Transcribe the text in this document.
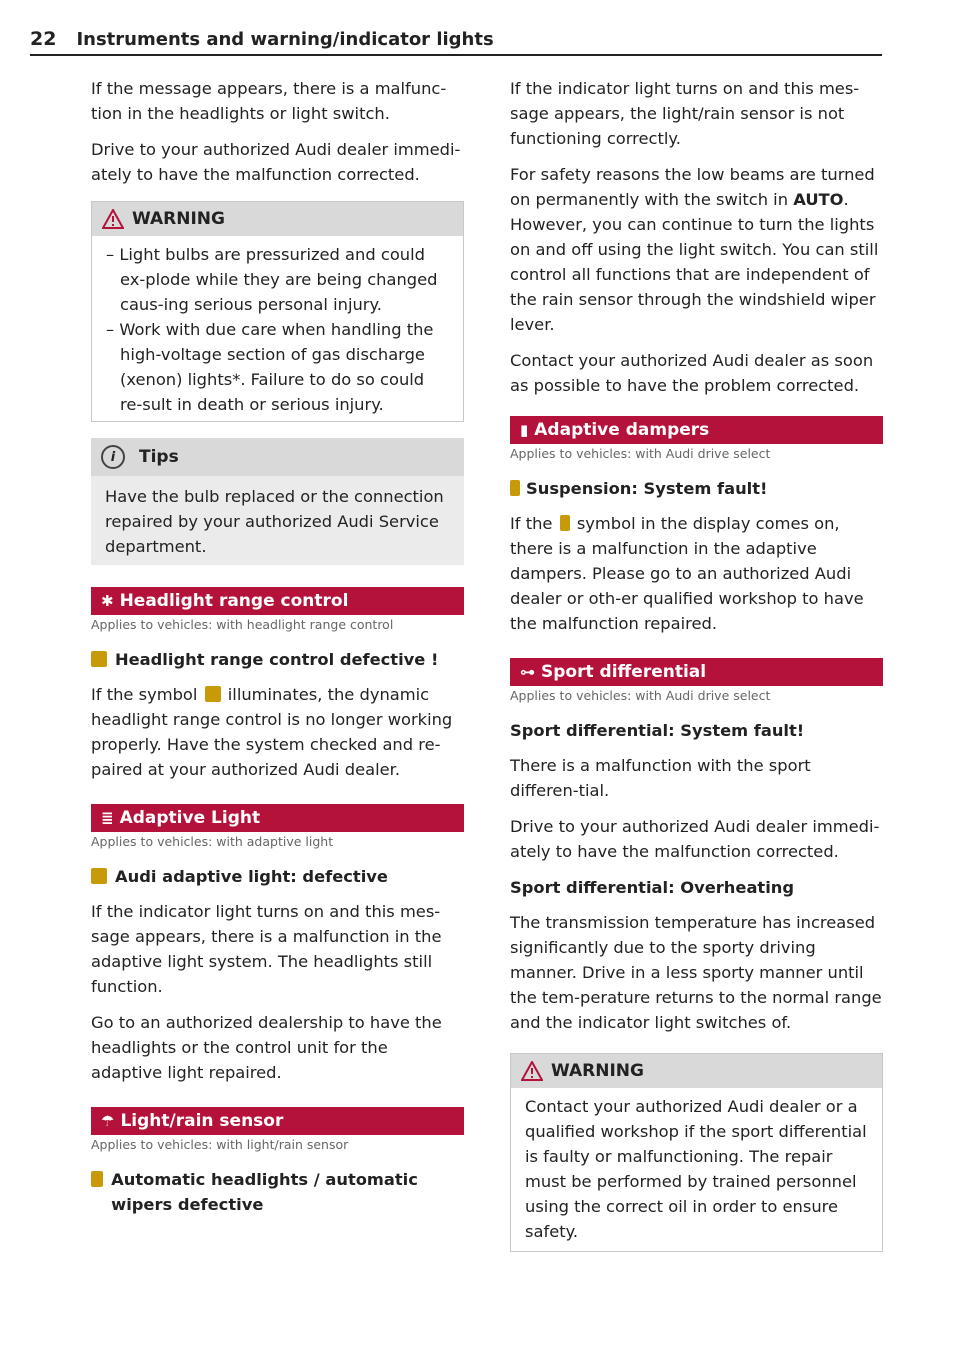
22 Instruments and warning/indicator lights

If the message appears, there is a malfunc-tion in the headlights or light switch.

Drive to your authorized Audi dealer immedi-ately to have the malfunction corrected.

WARNING
– Light bulbs are pressurized and could ex-plode while they are being changed caus-ing serious personal injury.
– Work with due care when handling the high-voltage section of gas discharge (xenon) lights*. Failure to do so could re-sult in death or serious injury.
i	Tips

Have the bulb replaced or the connection repaired by your authorized Audi Service department.

✱ Headlight range control
Applies to vehicles: with headlight range control
Headlight range control defective !

If the symbol illuminates, the dynamic headlight range control is no longer working properly. Have the system checked and re-paired at your authorized Audi dealer.

≣ Adaptive Light
Applies to vehicles: with adaptive light
Audi adaptive light: defective

If the indicator light turns on and this mes-sage appears, there is a malfunction in the adaptive light system. The headlights still function.

Go to an authorized dealership to have the headlights or the control unit for the adaptive light repaired.

☂ Light/rain sensor
Applies to vehicles: with light/rain sensor
Automatic headlights / automatic wipers defective

If the indicator light turns on and this mes-sage appears, the light/rain sensor is not functioning correctly.

For safety reasons the low beams are turned on permanently with the switch in AUTO. However, you can continue to turn the lights on and off using the light switch. You can still control all functions that are independent of the rain sensor through the windshield wiper lever.

Contact your authorized Audi dealer as soon as possible to have the problem corrected.

▮ Adaptive dampers
Applies to vehicles: with Audi drive select
Suspension: System fault!

If the symbol in the display comes on, there is a malfunction in the adaptive dampers. Please go to an authorized Audi dealer or oth-er qualified workshop to have the malfunction repaired.

⊶ Sport differential
Applies to vehicles: with Audi drive select
Sport differential: System fault!

There is a malfunction with the sport differen-tial.

Drive to your authorized Audi dealer immedi-ately to have the malfunction corrected.

Sport differential: Overheating

The transmission temperature has increased significantly due to the sporty driving manner. Drive in a less sporty manner until the tem-perature returns to the normal range and the indicator light switches of.

WARNING

Contact your authorized Audi dealer or a qualified workshop if the sport differential is faulty or malfunctioning. The repair must be performed by trained personnel using the correct oil in order to ensure safety.
